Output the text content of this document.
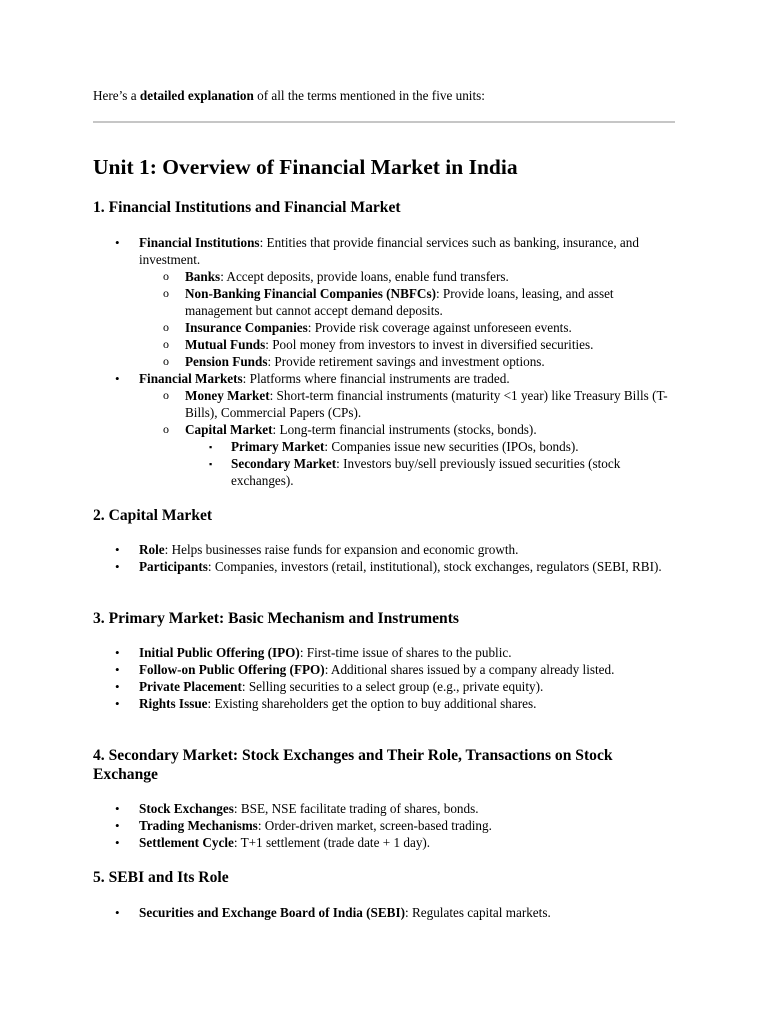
Here’s a detailed explanation of all the terms mentioned in the five units:
Unit 1: Overview of Financial Market in India
1. Financial Institutions and Financial Market
• Financial Institutions: Entities that provide financial services such as banking, insurance, and investment.
o Banks: Accept deposits, provide loans, enable fund transfers.
o Non-Banking Financial Companies (NBFCs): Provide loans, leasing, and asset management but cannot accept demand deposits.
o Insurance Companies: Provide risk coverage against unforeseen events.
o Mutual Funds: Pool money from investors to invest in diversified securities.
o Pension Funds: Provide retirement savings and investment options.
• Financial Markets: Platforms where financial instruments are traded.
o Money Market: Short-term financial instruments (maturity <1 year) like Treasury Bills (T-Bills), Commercial Papers (CPs).
o Capital Market: Long-term financial instruments (stocks, bonds).
▪ Primary Market: Companies issue new securities (IPOs, bonds).
▪ Secondary Market: Investors buy/sell previously issued securities (stock exchanges).
2. Capital Market
• Role: Helps businesses raise funds for expansion and economic growth.
• Participants: Companies, investors (retail, institutional), stock exchanges, regulators (SEBI, RBI).
3. Primary Market: Basic Mechanism and Instruments
• Initial Public Offering (IPO): First-time issue of shares to the public.
• Follow-on Public Offering (FPO): Additional shares issued by a company already listed.
• Private Placement: Selling securities to a select group (e.g., private equity).
• Rights Issue: Existing shareholders get the option to buy additional shares.
4. Secondary Market: Stock Exchanges and Their Role, Transactions on Stock Exchange
• Stock Exchanges: BSE, NSE facilitate trading of shares, bonds.
• Trading Mechanisms: Order-driven market, screen-based trading.
• Settlement Cycle: T+1 settlement (trade date + 1 day).
5. SEBI and Its Role
• Securities and Exchange Board of India (SEBI): Regulates capital markets.
